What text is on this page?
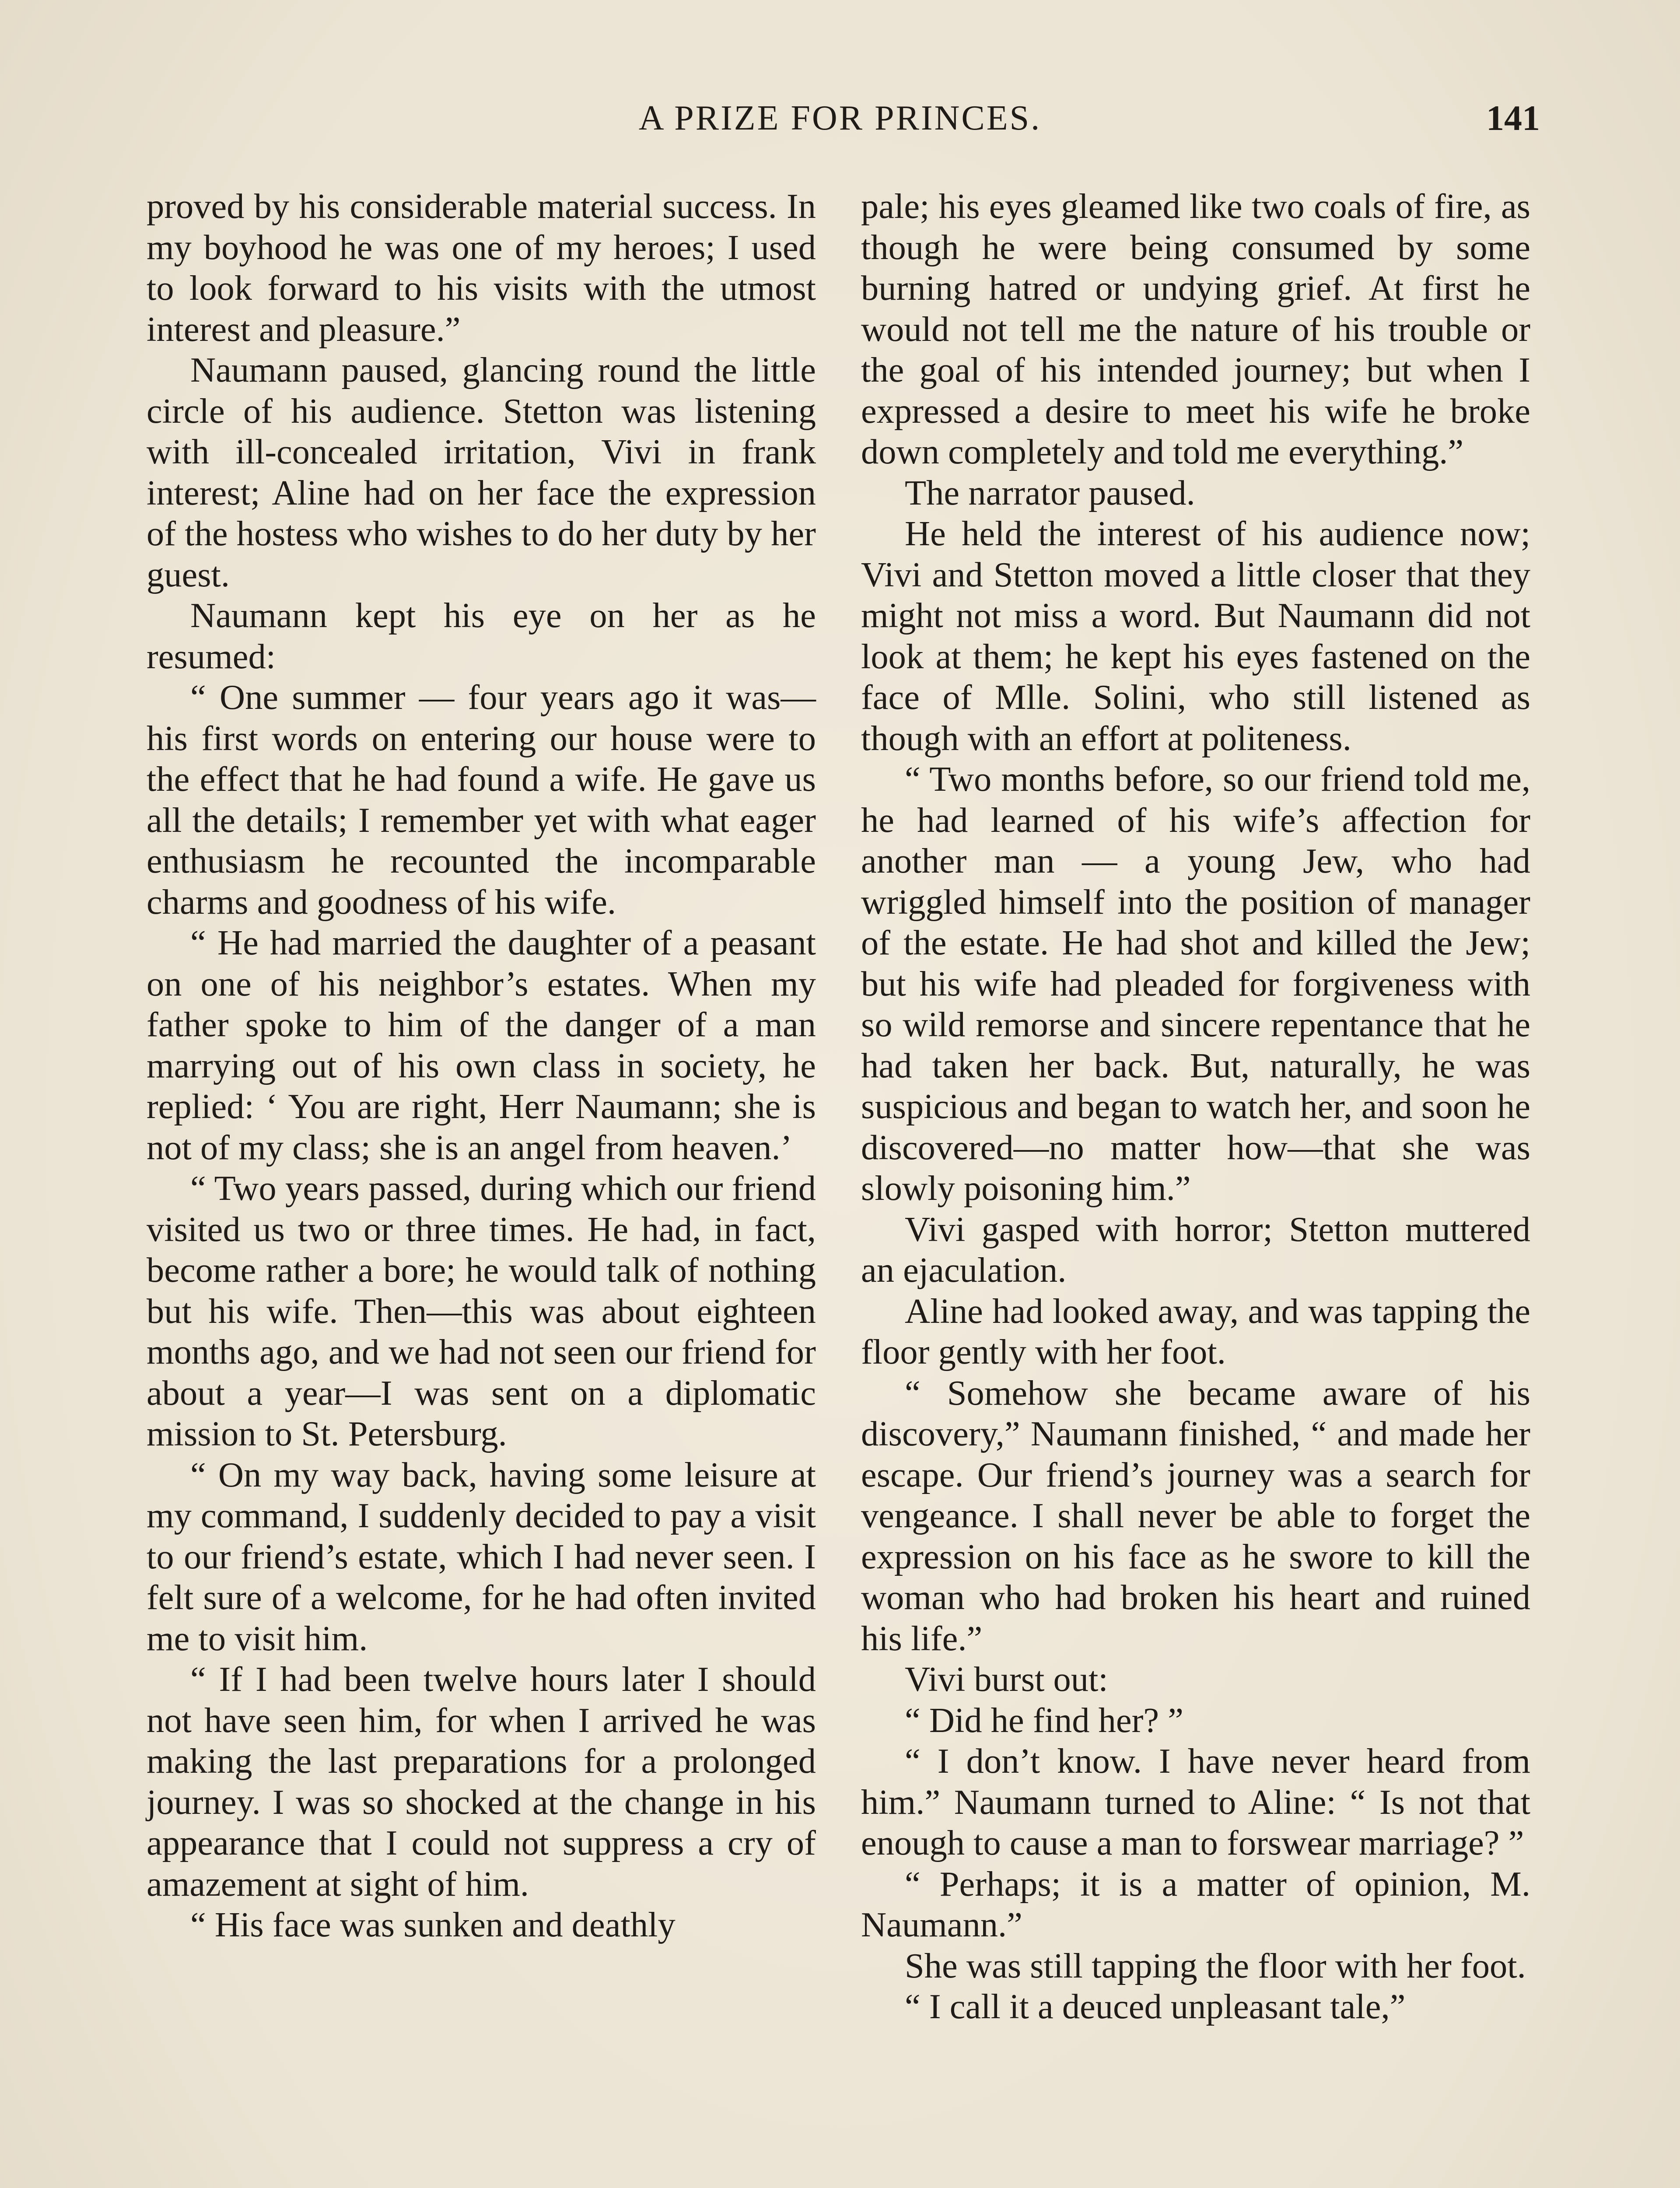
A PRIZE FOR PRINCES.	141

proved by his considerable material success. In my boyhood he was one of my heroes; I used to look forward to his visits with the utmost interest and pleasure.”

Naumann paused, glancing round the little circle of his audience. Stetton was listening with ill-concealed irritation, Vivi in frank interest; Aline had on her face the expression of the hostess who wishes to do her duty by her guest.

Naumann kept his eye on her as he resumed:

“ One summer — four years ago it was—his first words on entering our house were to the effect that he had found a wife. He gave us all the details; I remember yet with what eager enthusiasm he recounted the incomparable charms and goodness of his wife.

“ He had married the daughter of a peasant on one of his neighbor’s estates. When my father spoke to him of the danger of a man marrying out of his own class in society, he replied: ‘ You are right, Herr Naumann; she is not of my class; she is an angel from heaven.’

“ Two years passed, during which our friend visited us two or three times. He had, in fact, become rather a bore; he would talk of nothing but his wife. Then—this was about eighteen months ago, and we had not seen our friend for about a year—I was sent on a diplomatic mission to St. Petersburg.

“ On my way back, having some leisure at my command, I suddenly decided to pay a visit to our friend’s estate, which I had never seen. I felt sure of a welcome, for he had often invited me to visit him.

“ If I had been twelve hours later I should not have seen him, for when I arrived he was making the last preparations for a prolonged journey. I was so shocked at the change in his appearance that I could not suppress a cry of amazement at sight of him.

“ His face was sunken and deathly

pale; his eyes gleamed like two coals of fire, as though he were being consumed by some burning hatred or undying grief. At first he would not tell me the nature of his trouble or the goal of his intended journey; but when I expressed a desire to meet his wife he broke down completely and told me everything.”

The narrator paused.

He held the interest of his audience now; Vivi and Stetton moved a little closer that they might not miss a word. But Naumann did not look at them; he kept his eyes fastened on the face of Mlle. Solini, who still listened as though with an effort at politeness.

“ Two months before, so our friend told me, he had learned of his wife’s affection for another man — a young Jew, who had wriggled himself into the position of manager of the estate. He had shot and killed the Jew; but his wife had pleaded for forgiveness with so wild remorse and sincere repentance that he had taken her back. But, naturally, he was suspicious and began to watch her, and soon he discovered—no matter how—that she was slowly poisoning him.”

Vivi gasped with horror; Stetton muttered an ejaculation.

Aline had looked away, and was tapping the floor gently with her foot.

“ Somehow she became aware of his discovery,” Naumann finished, “ and made her escape. Our friend’s journey was a search for vengeance. I shall never be able to forget the expression on his face as he swore to kill the woman who had broken his heart and ruined his life.”

Vivi burst out:

“ Did he find her? ”

“ I don’t know. I have never heard from him.” Naumann turned to Aline: “ Is not that enough to cause a man to forswear marriage? ”

“ Perhaps; it is a matter of opinion, M. Naumann.”

She was still tapping the floor with her foot.

“ I call it a deuced unpleasant tale,”
